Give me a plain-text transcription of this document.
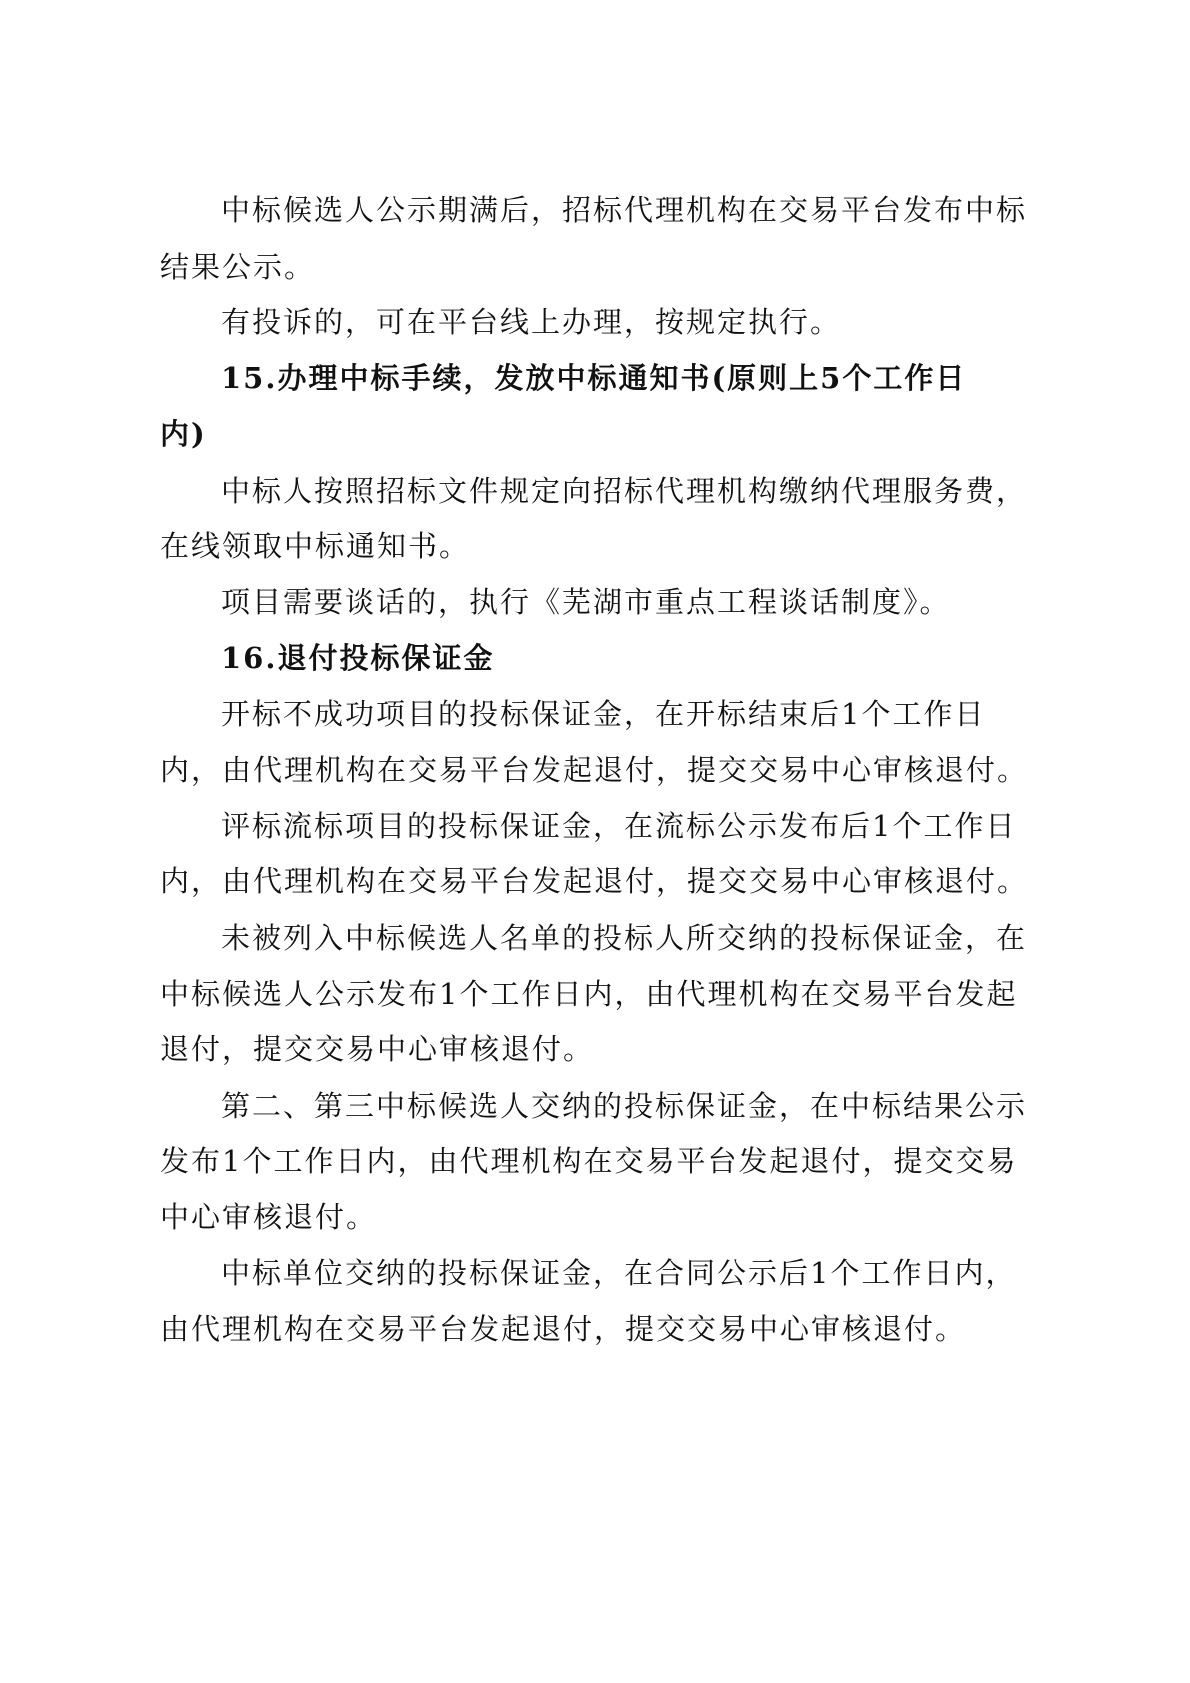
中标候选人公示期满后，招标代理机构在交易平台发布中标
结果公示。
有投诉的，可在平台线上办理，按规定执行。
15.办理中标手续，发放中标通知书(原则上5个工作日
内)
中标人按照招标文件规定向招标代理机构缴纳代理服务费，
在线领取中标通知书。
项目需要谈话的，执行《芜湖市重点工程谈话制度》。
16.退付投标保证金
开标不成功项目的投标保证金，在开标结束后1个工作日
内，由代理机构在交易平台发起退付，提交交易中心审核退付。
评标流标项目的投标保证金，在流标公示发布后1个工作日
内，由代理机构在交易平台发起退付，提交交易中心审核退付。
未被列入中标候选人名单的投标人所交纳的投标保证金，在
中标候选人公示发布1个工作日内，由代理机构在交易平台发起
退付，提交交易中心审核退付。
第二、第三中标候选人交纳的投标保证金，在中标结果公示
发布1个工作日内，由代理机构在交易平台发起退付，提交交易
中心审核退付。
中标单位交纳的投标保证金，在合同公示后1个工作日内，
由代理机构在交易平台发起退付，提交交易中心审核退付。
